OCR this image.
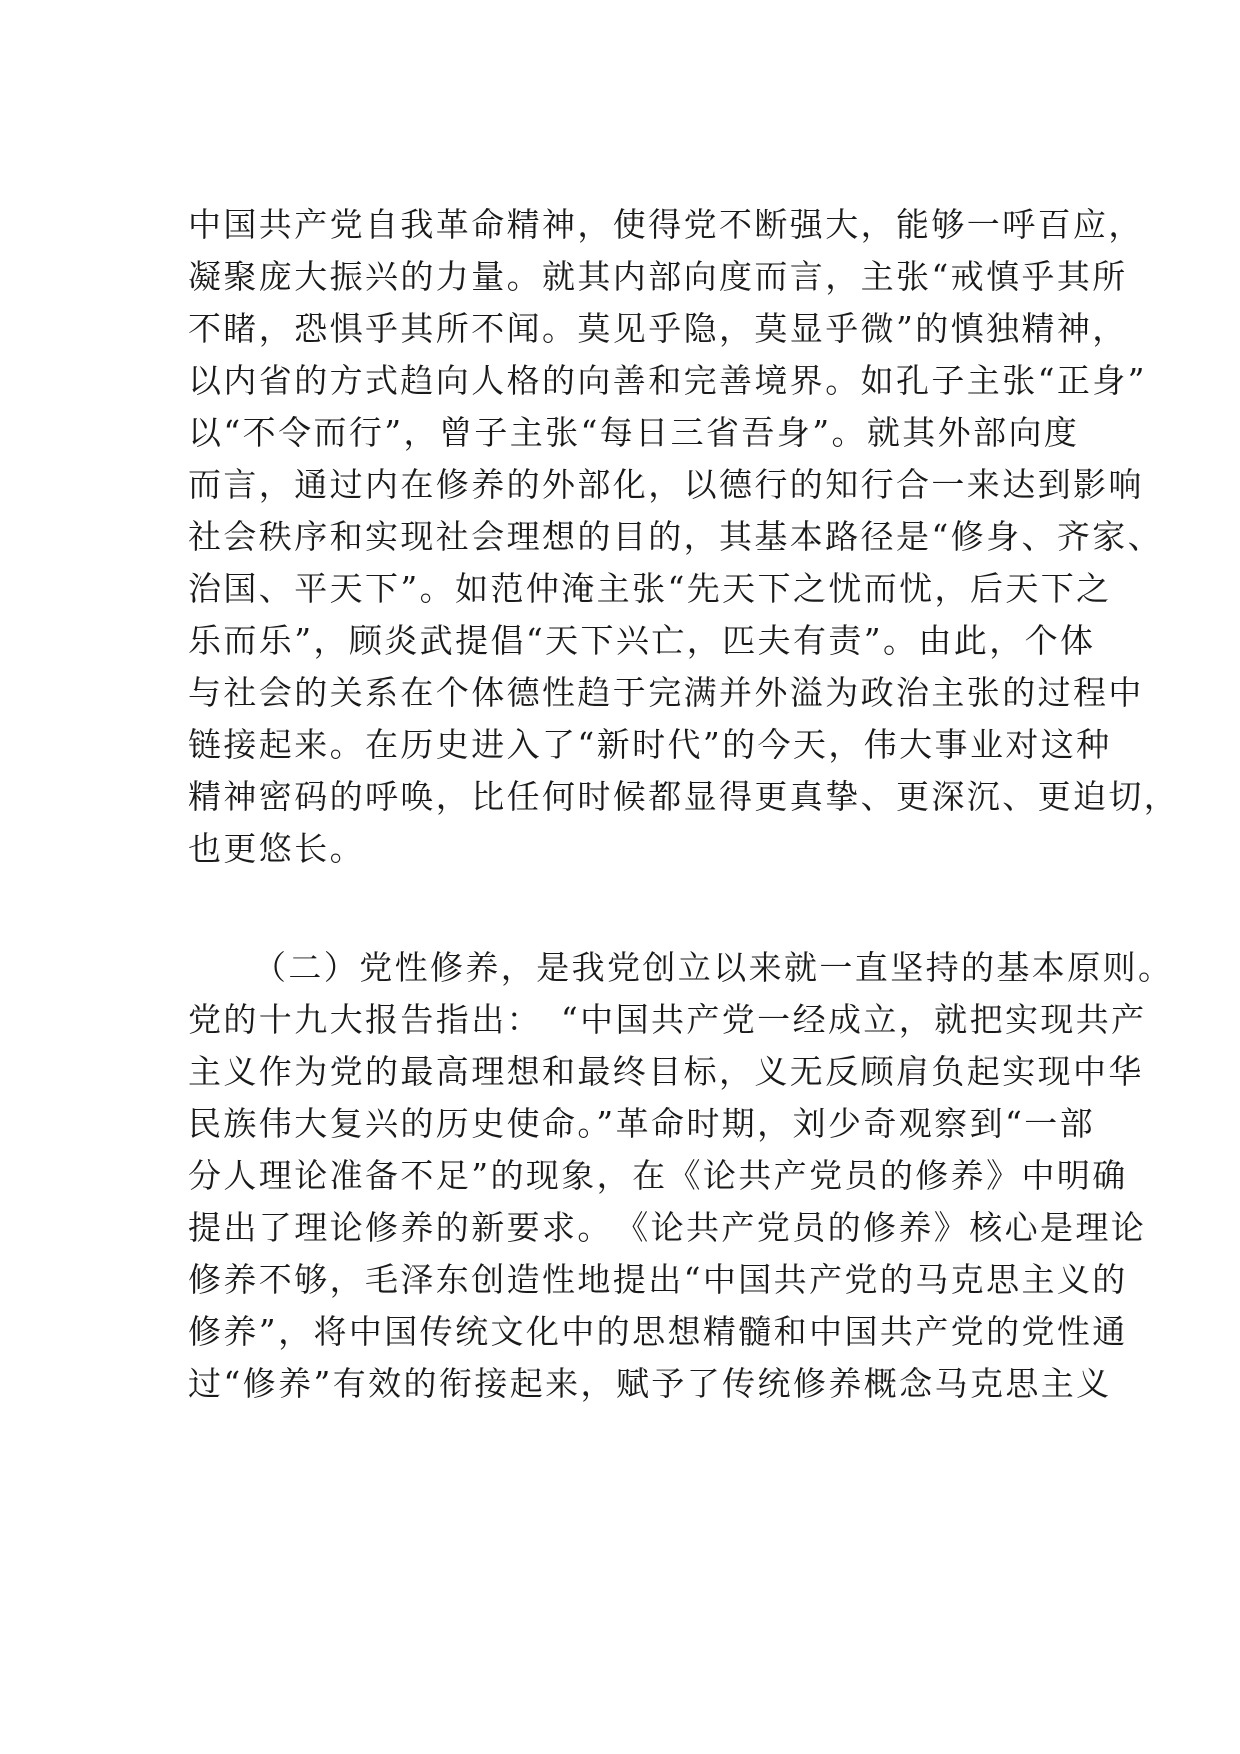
中国共产党自我革命精神，使得党不断强大，能够一呼百应，
凝聚庞大振兴的力量。就其内部向度而言，主张“戒慎乎其所
不睹，恐惧乎其所不闻。莫见乎隐，莫显乎微”的慎独精神，
以内省的方式趋向人格的向善和完善境界。如孔子主张“正身”
以“不令而行”，曾子主张“每日三省吾身”。就其外部向度
而言，通过内在修养的外部化，以德行的知行合一来达到影响
社会秩序和实现社会理想的目的，其基本路径是“修身、齐家、
治国、平天下”。如范仲淹主张“先天下之忧而忧，后天下之
乐而乐”，顾炎武提倡“天下兴亡，匹夫有责”。由此，个体
与社会的关系在个体德性趋于完满并外溢为政治主张的过程中
链接起来。在历史进入了“新时代”的今天，伟大事业对这种
精神密码的呼唤，比任何时候都显得更真挚、更深沉、更迫切，
也更悠长。
（二）党性修养，是我党创立以来就一直坚持的基本原则。
党的十九大报告指出：　“中国共产党一经成立，就把实现共产
主义作为党的最高理想和最终目标，义无反顾肩负起实现中华
民族伟大复兴的历史使命。”革命时期，刘少奇观察到“一部
分人理论准备不足”的现象，在《论共产党员的修养》中明确
提出了理论修养的新要求。　《论共产党员的修养》核心是理论
修养不够，毛泽东创造性地提出“中国共产党的马克思主义的
修养”，将中国传统文化中的思想精髓和中国共产党的党性通
过“修养”有效的衔接起来，赋予了传统修养概念马克思主义
